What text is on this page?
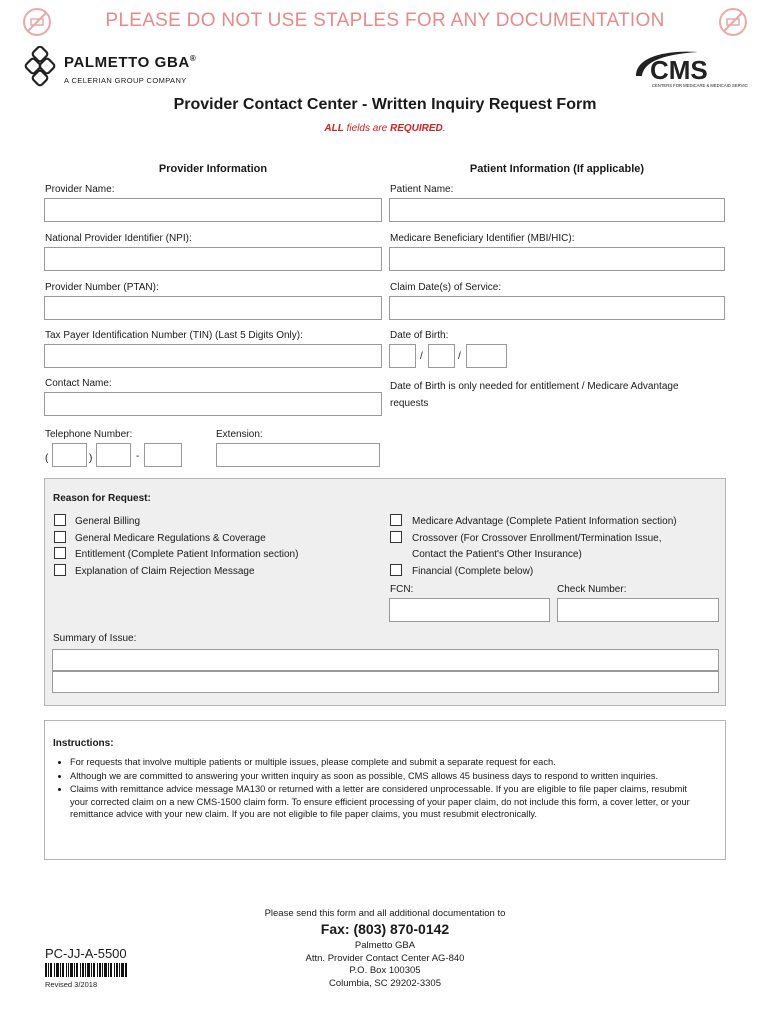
PLEASE DO NOT USE STAPLES FOR ANY DOCUMENTATION
PALMETTO GBA®
A CELERIAN GROUP COMPANY	CMS
CENTERS FOR MEDICARE & MEDICAID SERVICES
Provider Contact Center - Written Inquiry Request Form
ALL fields are REQUIRED.
Provider Information	Patient Information (If applicable)
Provider Name:
National Provider Identifier (NPI):
Provider Number (PTAN):
Tax Payer Identification Number (TIN) (Last 5 Digits Only):
Contact Name:
Telephone Number:	Extension:
(	)	-
Patient Name:
Medicare Beneficiary Identifier (MBI/HIC):
Claim Date(s) of Service:
Date of Birth:
/	/
Date of Birth is only needed for entitlement / Medicare Advantage
requests
Reason for Request:
General Billing
General Medicare Regulations & Coverage
Entitlement (Complete Patient Information section)
Explanation of Claim Rejection Message
Medicare Advantage (Complete Patient Information section)
Crossover (For Crossover Enrollment/Termination Issue,
Contact the Patient's Other Insurance)
Financial (Complete below)
FCN:	Check Number:
Summary of Issue:
Instructions:
• For requests that involve multiple patients or multiple issues, please complete and submit a separate request for each.
• Although we are committed to answering your written inquiry as soon as possible, CMS allows 45 business days to respond to written inquiries.
• Claims with remittance advice message MA130 or returned with a letter are considered unprocessable. If you are eligible to file paper claims, resubmit your corrected claim on a new CMS-1500 claim form. To ensure efficient processing of your paper claim, do not include this form, a cover letter, or your remittance advice with your new claim. If you are not eligible to file paper claims, you must resubmit electronically.
Please send this form and all additional documentation to
Fax: (803) 870-0142
Palmetto GBA
Attn. Provider Contact Center AG-840
P.O. Box 100305
Columbia, SC 29202-3305
PC-JJ-A-5500
Revised 3/2018
